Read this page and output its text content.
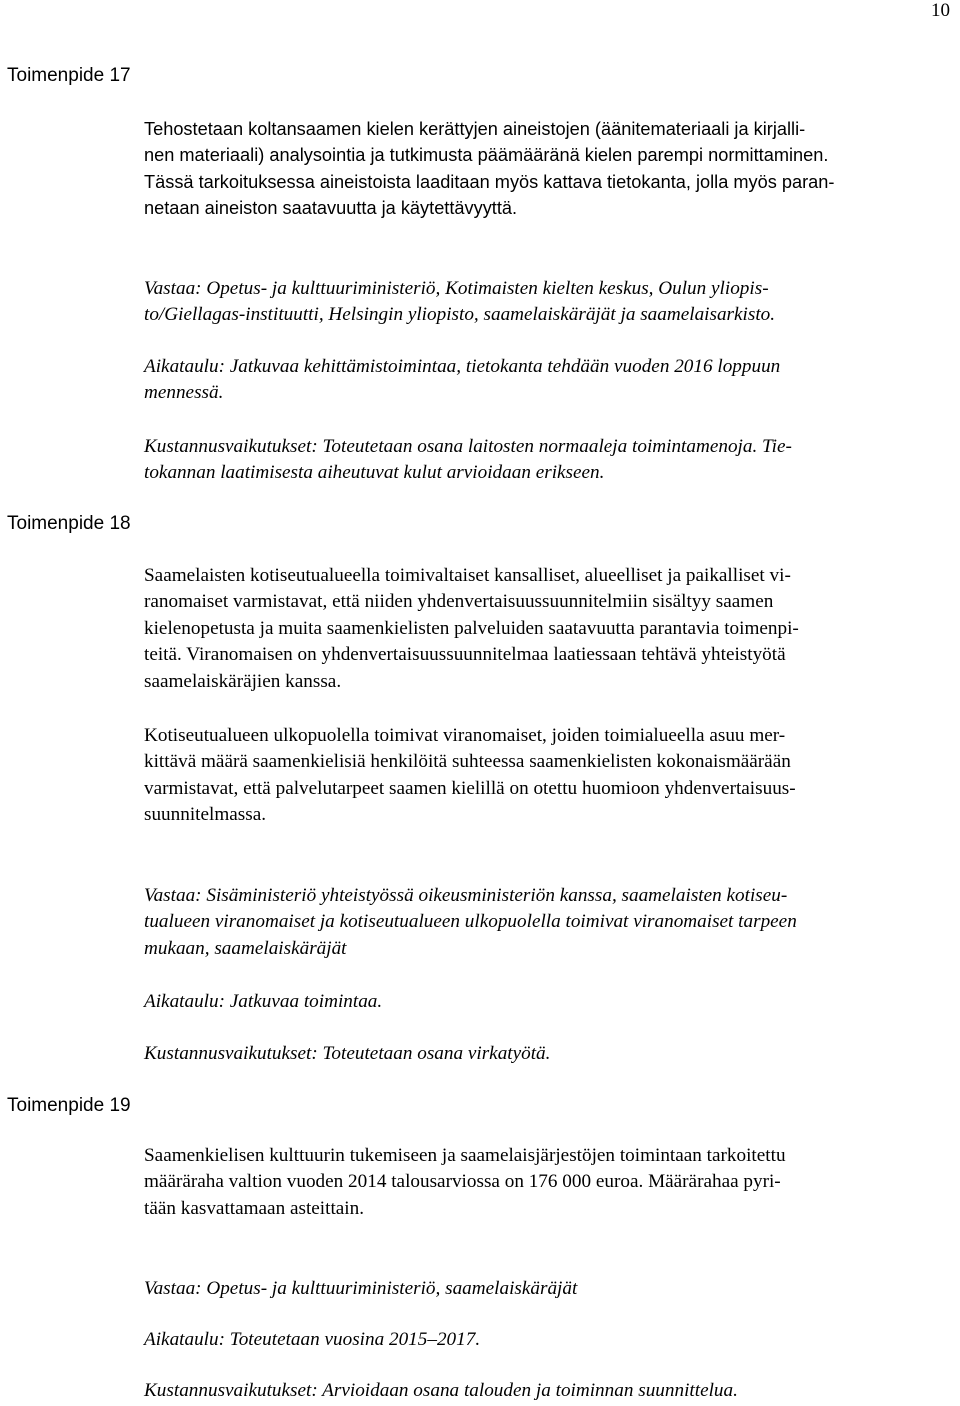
10
Toimenpide 17

Tehostetaan koltansaamen kielen kerättyjen aineistojen (äänitemateriaali ja kirjalli-
nen materiaali) analysointia ja tutkimusta päämääränä kielen parempi normittaminen.
Tässä tarkoituksessa aineistoista laaditaan myös kattava tietokanta, jolla myös paran-
netaan aineiston saatavuutta ja käytettävyyttä.

Vastaa: Opetus- ja kulttuuriministeriö, Kotimaisten kielten keskus, Oulun yliopis-
to/Giellagas-instituutti, Helsingin yliopisto, saamelaiskäräjät ja saamelaisarkisto.

Aikataulu: Jatkuvaa kehittämistoimintaa, tietokanta tehdään vuoden 2016 loppuun
mennessä.

Kustannusvaikutukset: Toteutetaan osana laitosten normaaleja toimintamenoja. Tie-
tokannan laatimisesta aiheutuvat kulut arvioidaan erikseen.

Toimenpide 18

Saamelaisten kotiseutualueella toimivaltaiset kansalliset, alueelliset ja paikalliset vi-
ranomaiset varmistavat, että niiden yhdenvertaisuussuunnitelmiin sisältyy saamen
kielenopetusta ja muita saamenkielisten palveluiden saatavuutta parantavia toimenpi-
teitä. Viranomaisen on yhdenvertaisuussuunnitelmaa laatiessaan tehtävä yhteistyötä
saamelaiskäräjien kanssa.

Kotiseutualueen ulkopuolella toimivat viranomaiset, joiden toimialueella asuu mer-
kittävä määrä saamenkielisiä henkilöitä suhteessa saamenkielisten kokonaismäärään
varmistavat, että palvelutarpeet saamen kielillä on otettu huomioon yhdenvertaisuus-
suunnitelmassa.

Vastaa: Sisäministeriö yhteistyössä oikeusministeriön kanssa, saamelaisten kotiseu-
tualueen viranomaiset ja kotiseutualueen ulkopuolella toimivat viranomaiset tarpeen
mukaan, saamelaiskäräjät

Aikataulu: Jatkuvaa toimintaa.

Kustannusvaikutukset: Toteutetaan osana virkatyötä.

Toimenpide 19

Saamenkielisen kulttuurin tukemiseen ja saamelaisjärjestöjen toimintaan tarkoitettu
määräraha valtion vuoden 2014 talousarviossa on 176 000 euroa. Määrärahaa pyri-
tään kasvattamaan asteittain.

Vastaa: Opetus- ja kulttuuriministeriö, saamelaiskäräjät

Aikataulu: Toteutetaan vuosina 2015–2017.

Kustannusvaikutukset: Arvioidaan osana talouden ja toiminnan suunnittelua.
